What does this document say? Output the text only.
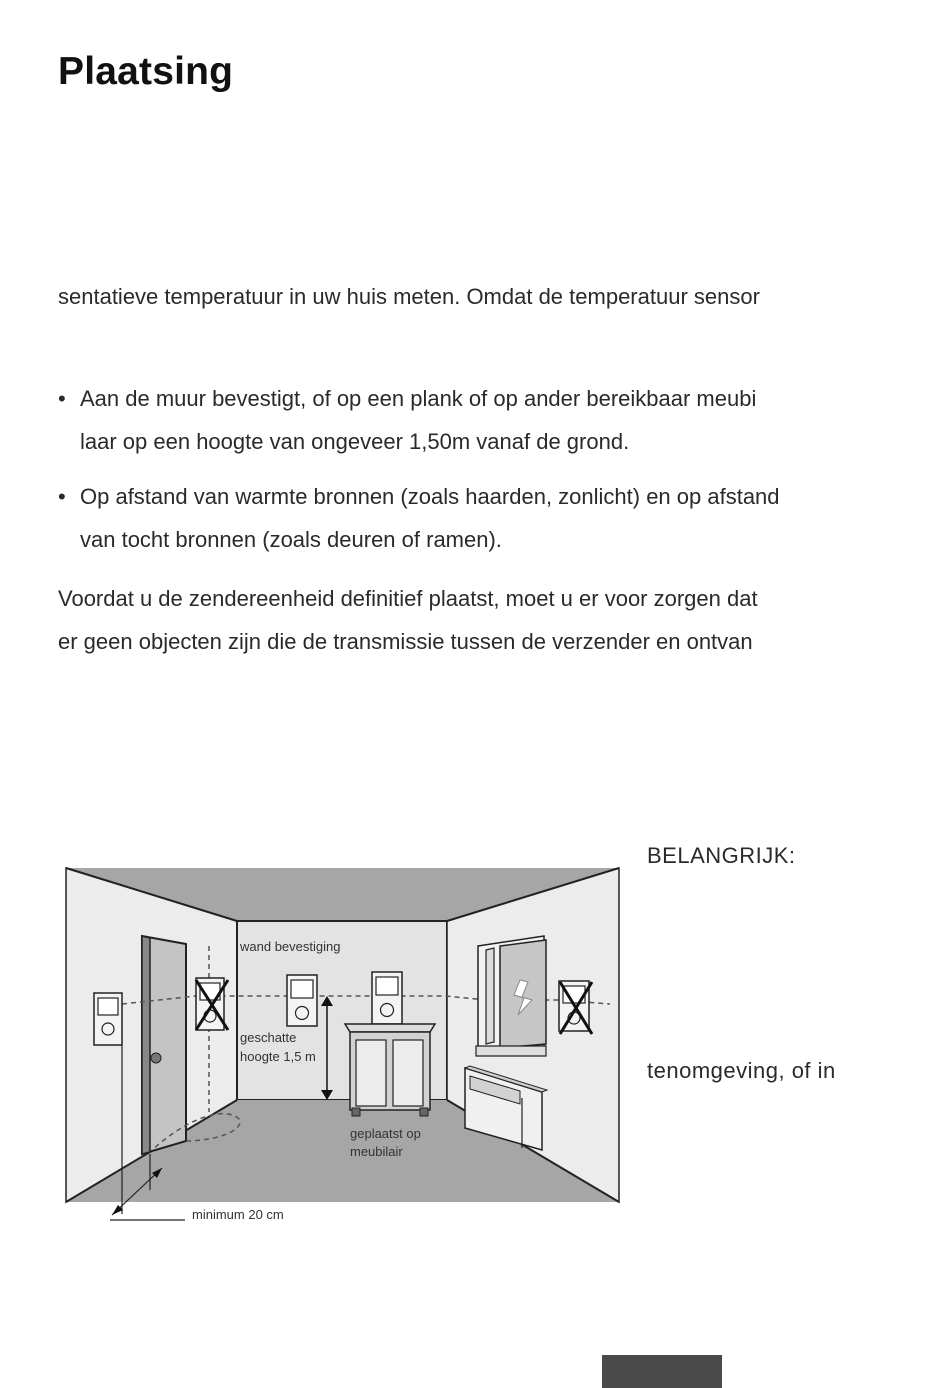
Plaatsing

sentatieve temperatuur in uw huis meten. Omdat de temperatuur sensor

• Aan de muur bevestigt, of op een plank of op ander bereikbaar meubi
laar op een hoogte van ongeveer 1,50m vanaf de grond.
• Op afstand van warmte bronnen (zoals haarden, zonlicht) en op afstand
van tocht bronnen (zoals deuren of ramen).

Voordat u de zendereenheid definitief plaatst, moet u er voor zorgen dat
er geen objecten zijn die de transmissie tussen de verzender en ontvan

BELANGRIJK:

tenomgeving, of in

wand bevestiging
geschatte
hoogte 1,5 m
geplaatst op
meubilair
minimum 20 cm
